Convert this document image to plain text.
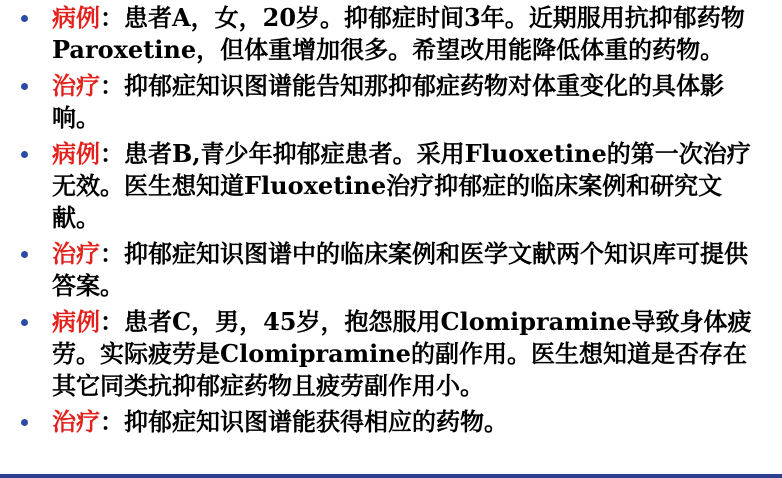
病例：患者A，女，20岁。抑郁症时间3年。近期服用抗抑郁药物Paroxetine，但体重增加很多。希望改用能降低体重的药物。
治疗：抑郁症知识图谱能告知那抑郁症药物对体重变化的具体影响。
病例：患者B,青少年抑郁症患者。采用Fluoxetine的第一次治疗无效。医生想知道Fluoxetine治疗抑郁症的临床案例和研究文献。
治疗：抑郁症知识图谱中的临床案例和医学文献两个知识库可提供答案。
病例：患者C，男，45岁，抱怨服用Clomipramine导致身体疲劳。实际疲劳是Clomipramine的副作用。医生想知道是否存在其它同类抗抑郁症药物且疲劳副作用小。
治疗：抑郁症知识图谱能获得相应的药物。
